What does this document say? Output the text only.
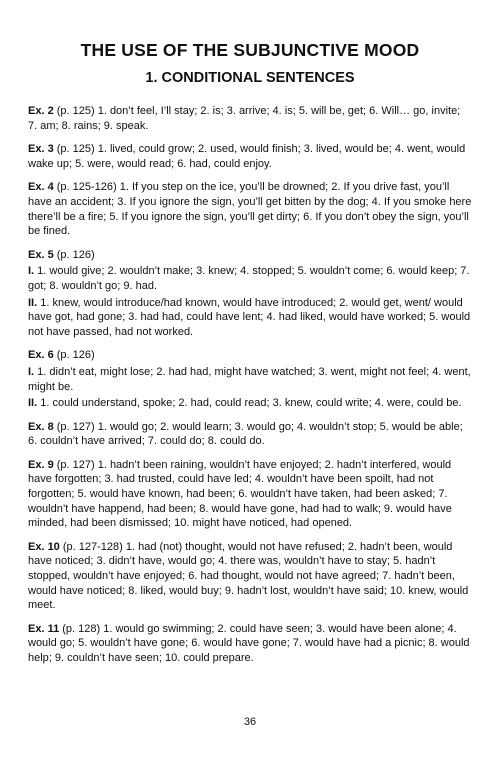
THE USE OF THE SUBJUNCTIVE MOOD
1. CONDITIONAL SENTENCES

Ex. 2 (p. 125) 1. don’t feel, I’ll stay; 2. is; 3. arrive; 4. is; 5. will be, get; 6. Will… go, invite; 7. am; 8. rains; 9. speak.

Ex. 3 (p. 125) 1. lived, could grow; 2. used, would finish; 3. lived, would be; 4. went, would wake up; 5. were, would read; 6. had, could enjoy.

Ex. 4 (p. 125-126) 1. If you step on the ice, you’ll be drowned; 2. If you drive fast, you’ll have an accident; 3. If you ignore the sign, you’ll get bitten by the dog; 4. If you smoke here there’ll be a fire; 5. If you ignore the sign, you’ll get dirty; 6. If you don’t obey the sign, you’ll be fined.

Ex. 5 (p. 126)

I. 1. would give; 2. wouldn’t make; 3. knew; 4. stopped; 5. wouldn’t come; 6. would keep; 7. got; 8. wouldn’t go; 9. had.

II. 1. knew, would introduce/had known, would have introduced; 2. would get, went/ would have got, had gone; 3. had had, could have lent; 4. had liked, would have worked; 5. would not have passed, had not worked.

Ex. 6 (p. 126)

I. 1. didn’t eat, might lose; 2. had had, might have watched; 3. went, might not feel; 4. went, might be.

II. 1. could understand, spoke; 2. had, could read; 3. knew, could write; 4. were, could be.

Ex. 8 (p. 127) 1. would go; 2. would learn; 3. would go; 4. wouldn’t stop; 5. would be able; 6. couldn’t have arrived; 7. could do; 8. could do.

Ex. 9 (p. 127) 1. hadn’t been raining, wouldn’t have enjoyed; 2. hadn’t interfered, would have forgotten; 3. had trusted, could have led; 4. wouldn’t have been spoilt, had not forgotten; 5. would have known, had been; 6. wouldn’t have taken, had been asked; 7. wouldn’t have happend, had been; 8. would have gone, had had to walk; 9. would have minded, had been dismissed; 10. might have noticed, had opened.

Ex. 10 (p. 127-128) 1. had (not) thought, would not have refused; 2. hadn’t been, would have noticed; 3. didn’t have, would go; 4. there was, wouldn’t have to stay; 5. hadn’t stopped, wouldn’t have enjoyed; 6. had thought, would not have agreed; 7. hadn’t been, would have noticed; 8. liked, would buy; 9. hadn’t lost, wouldn’t have said; 10. knew, would meet.

Ex. 11 (p. 128) 1. would go swimming; 2. could have seen; 3. would have been alone; 4. would go; 5. wouldn’t have gone; 6. would have gone; 7. would have had a picnic; 8. would help; 9. couldn’t have seen; 10. could prepare.

36
